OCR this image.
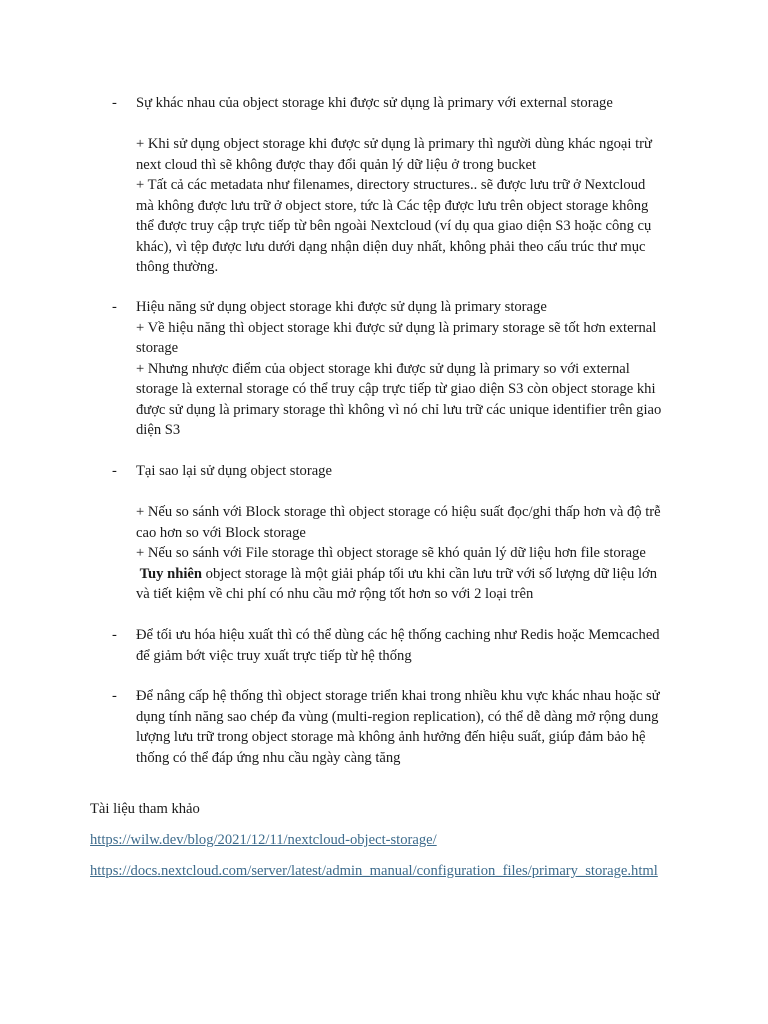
- Sự khác nhau của object storage khi được sử dụng là primary với external storage
+ Khi sử dụng object storage khi được sử dụng là primary thì người dùng khác ngoại trừ
next cloud thì sẽ không được thay đổi quản lý dữ liệu ở trong bucket
+ Tất cả các metadata như filenames, directory structures.. sẽ được lưu trữ ở Nextcloud
mà không được lưu trữ ở object store, tức là Các tệp được lưu trên object storage không
thể được truy cập trực tiếp từ bên ngoài Nextcloud (ví dụ qua giao diện S3 hoặc công cụ
khác), vì tệp được lưu dưới dạng nhận diện duy nhất, không phải theo cấu trúc thư mục
thông thường.
- Hiệu năng sử dụng object storage khi được sử dụng là primary storage
+ Về hiệu năng thì object storage khi được sử dụng là primary storage sẽ tốt hơn external
storage
+ Nhưng nhược điểm của object storage khi được sử dụng là primary so với external
storage là external storage có thể truy cập trực tiếp từ giao diện S3 còn object storage khi
được sử dụng là primary storage thì không vì nó chỉ lưu trữ các unique identifier trên giao
diện S3
- Tại sao lại sử dụng object storage
+ Nếu so sánh với Block storage thì object storage có hiệu suất đọc/ghi thấp hơn và độ trễ
cao hơn so với Block storage
+ Nếu so sánh với File storage thì object storage sẽ khó quản lý dữ liệu hơn file storage
Tuy nhiên object storage là một giải pháp tối ưu khi cần lưu trữ với số lượng dữ liệu lớn
và tiết kiệm về chi phí có nhu cầu mở rộng tốt hơn so với 2 loại trên
- Để tối ưu hóa hiệu xuất thì có thể dùng các hệ thống caching như Redis hoặc Memcached
để giảm bớt việc truy xuất trực tiếp từ hệ thống
- Để nâng cấp hệ thống thì object storage triển khai trong nhiều khu vực khác nhau hoặc sử
dụng tính năng sao chép đa vùng (multi-region replication), có thể dễ dàng mở rộng dung
lượng lưu trữ trong object storage mà không ảnh hưởng đến hiệu suất, giúp đảm bảo hệ
thống có thể đáp ứng nhu cầu ngày càng tăng
Tài liệu tham khảo
https://wilw.dev/blog/2021/12/11/nextcloud-object-storage/
https://docs.nextcloud.com/server/latest/admin_manual/configuration_files/primary_storage.html
